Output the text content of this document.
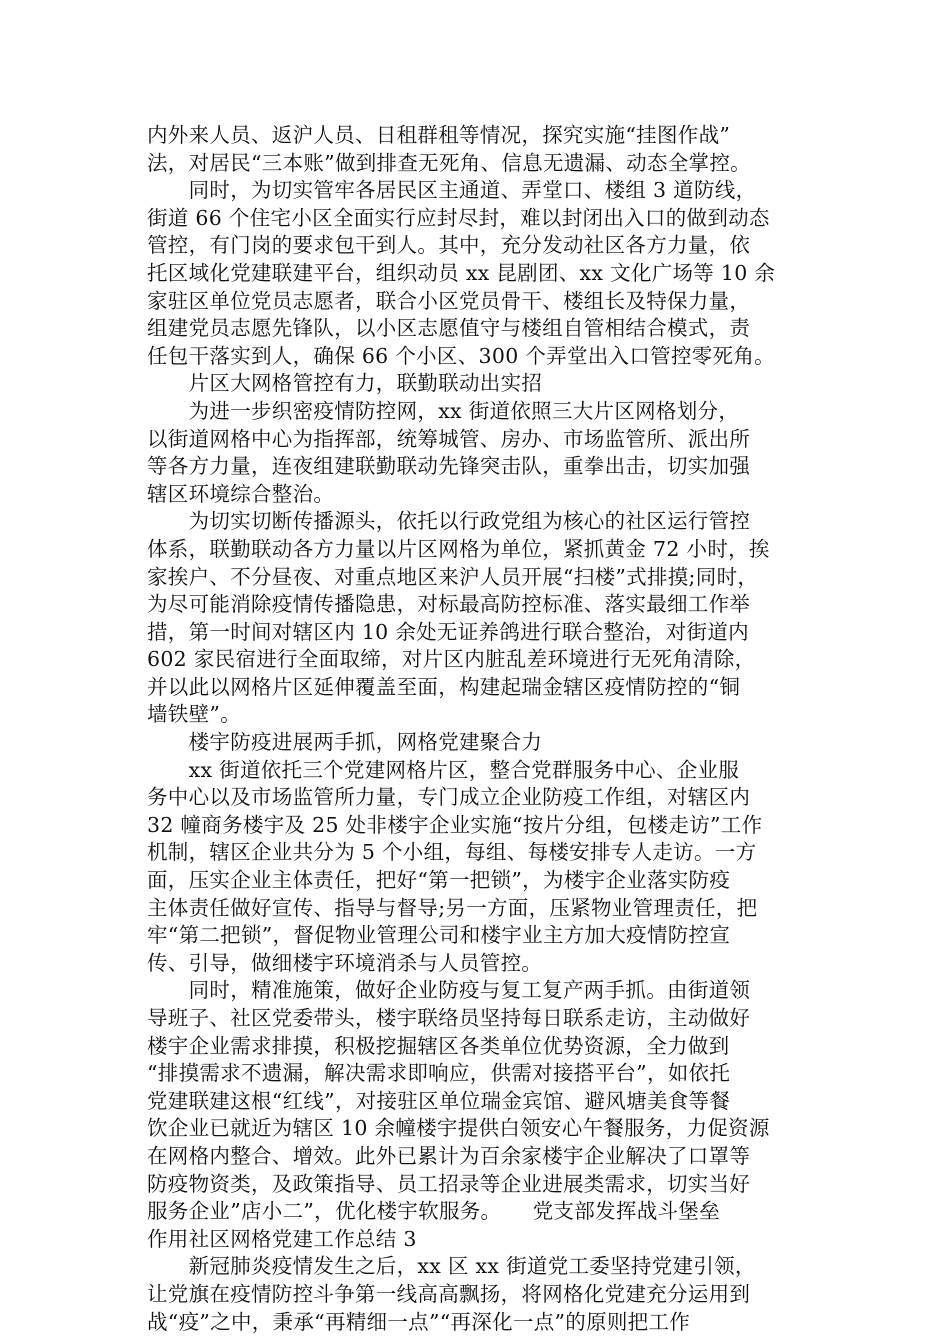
内外来人员、返沪人员、日租群租等情况，探究实施“挂图作战”
法，对居民“三本账”做到排查无死角、信息无遗漏、动态全掌控。
　　同时，为切实管牢各居民区主通道、弄堂口、楼组 3 道防线，
街道 66 个住宅小区全面实行应封尽封，难以封闭出入口的做到动态
管控，有门岗的要求包干到人。其中，充分发动社区各方力量，依
托区域化党建联建平台，组织动员 xx 昆剧团、xx 文化广场等 10 余
家驻区单位党员志愿者，联合小区党员骨干、楼组长及特保力量，
组建党员志愿先锋队，以小区志愿值守与楼组自管相结合模式，责
任包干落实到人，确保 66 个小区、300 个弄堂出入口管控零死角。
　　片区大网格管控有力，联勤联动出实招
　　为进一步织密疫情防控网，xx 街道依照三大片区网格划分，
以街道网格中心为指挥部，统筹城管、房办、市场监管所、派出所
等各方力量，连夜组建联勤联动先锋突击队，重拳出击，切实加强
辖区环境综合整治。
　　为切实切断传播源头，依托以行政党组为核心的社区运行管控
体系，联勤联动各方力量以片区网格为单位，紧抓黄金 72 小时，挨
家挨户、不分昼夜、对重点地区来沪人员开展“扫楼”式排摸;同时，
为尽可能消除疫情传播隐患，对标最高防控标准、落实最细工作举
措，第一时间对辖区内 10 余处无证养鸽进行联合整治，对街道内
602 家民宿进行全面取缔，对片区内脏乱差环境进行无死角清除，
并以此以网格片区延伸覆盖至面，构建起瑞金辖区疫情防控的“铜
墙铁壁”。
　　楼宇防疫进展两手抓，网格党建聚合力
　　xx 街道依托三个党建网格片区，整合党群服务中心、企业服
务中心以及市场监管所力量，专门成立企业防疫工作组，对辖区内
32 幢商务楼宇及 25 处非楼宇企业实施“按片分组，包楼走访”工作
机制，辖区企业共分为 5 个小组，每组、每楼安排专人走访。一方
面，压实企业主体责任，把好“第一把锁”，为楼宇企业落实防疫
主体责任做好宣传、指导与督导;另一方面，压紧物业管理责任，把
牢“第二把锁”，督促物业管理公司和楼宇业主方加大疫情防控宣
传、引导，做细楼宇环境消杀与人员管控。
　　同时，精准施策，做好企业防疫与复工复产两手抓。由街道领
导班子、社区党委带头，楼宇联络员坚持每日联系走访，主动做好
楼宇企业需求排摸，积极挖掘辖区各类单位优势资源，全力做到
“排摸需求不遗漏，解决需求即响应，供需对接搭平台”，如依托
党建联建这根“红线”，对接驻区单位瑞金宾馆、避风塘美食等餐
饮企业已就近为辖区 10 余幢楼宇提供白领安心午餐服务，力促资源
在网格内整合、增效。此外已累计为百余家楼宇企业解决了口罩等
防疫物资类，及政策指导、员工招录等企业进展类需求，切实当好
服务企业”店小二”，优化楼宇软服务。　　党支部发挥战斗堡垒
作用社区网格党建工作总结 3
　　新冠肺炎疫情发生之后，xx 区 xx 街道党工委坚持党建引领，
让党旗在疫情防控斗争第一线高高飘扬，将网格化党建充分运用到
战“疫”之中，秉承“再精细一点”“再深化一点”的原则把工作
